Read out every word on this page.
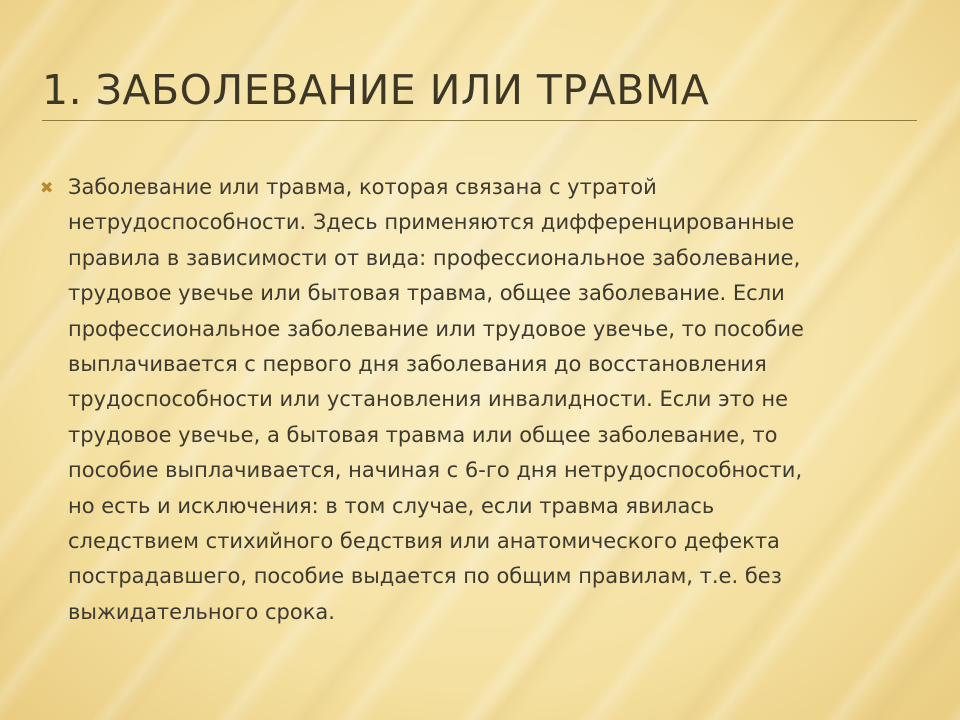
1. ЗАБОЛЕВАНИЕ ИЛИ ТРАВМА
✖ Заболевание или травма, которая связана с утратой
нетрудоспособности. Здесь применяются дифференцированные
правила в зависимости от вида: профессиональное заболевание,
трудовое увечье или бытовая травма, общее заболевание. Если
профессиональное заболевание или трудовое увечье, то пособие
выплачивается с первого дня заболевания до восстановления
трудоспособности или установления инвалидности. Если это не
трудовое увечье, а бытовая травма или общее заболевание, то
пособие выплачивается, начиная с 6-го дня нетрудоспособности,
но есть и исключения: в том случае, если травма явилась
следствием стихийного бедствия или анатомического дефекта
пострадавшего, пособие выдается по общим правилам, т.е. без
выжидательного срока.
